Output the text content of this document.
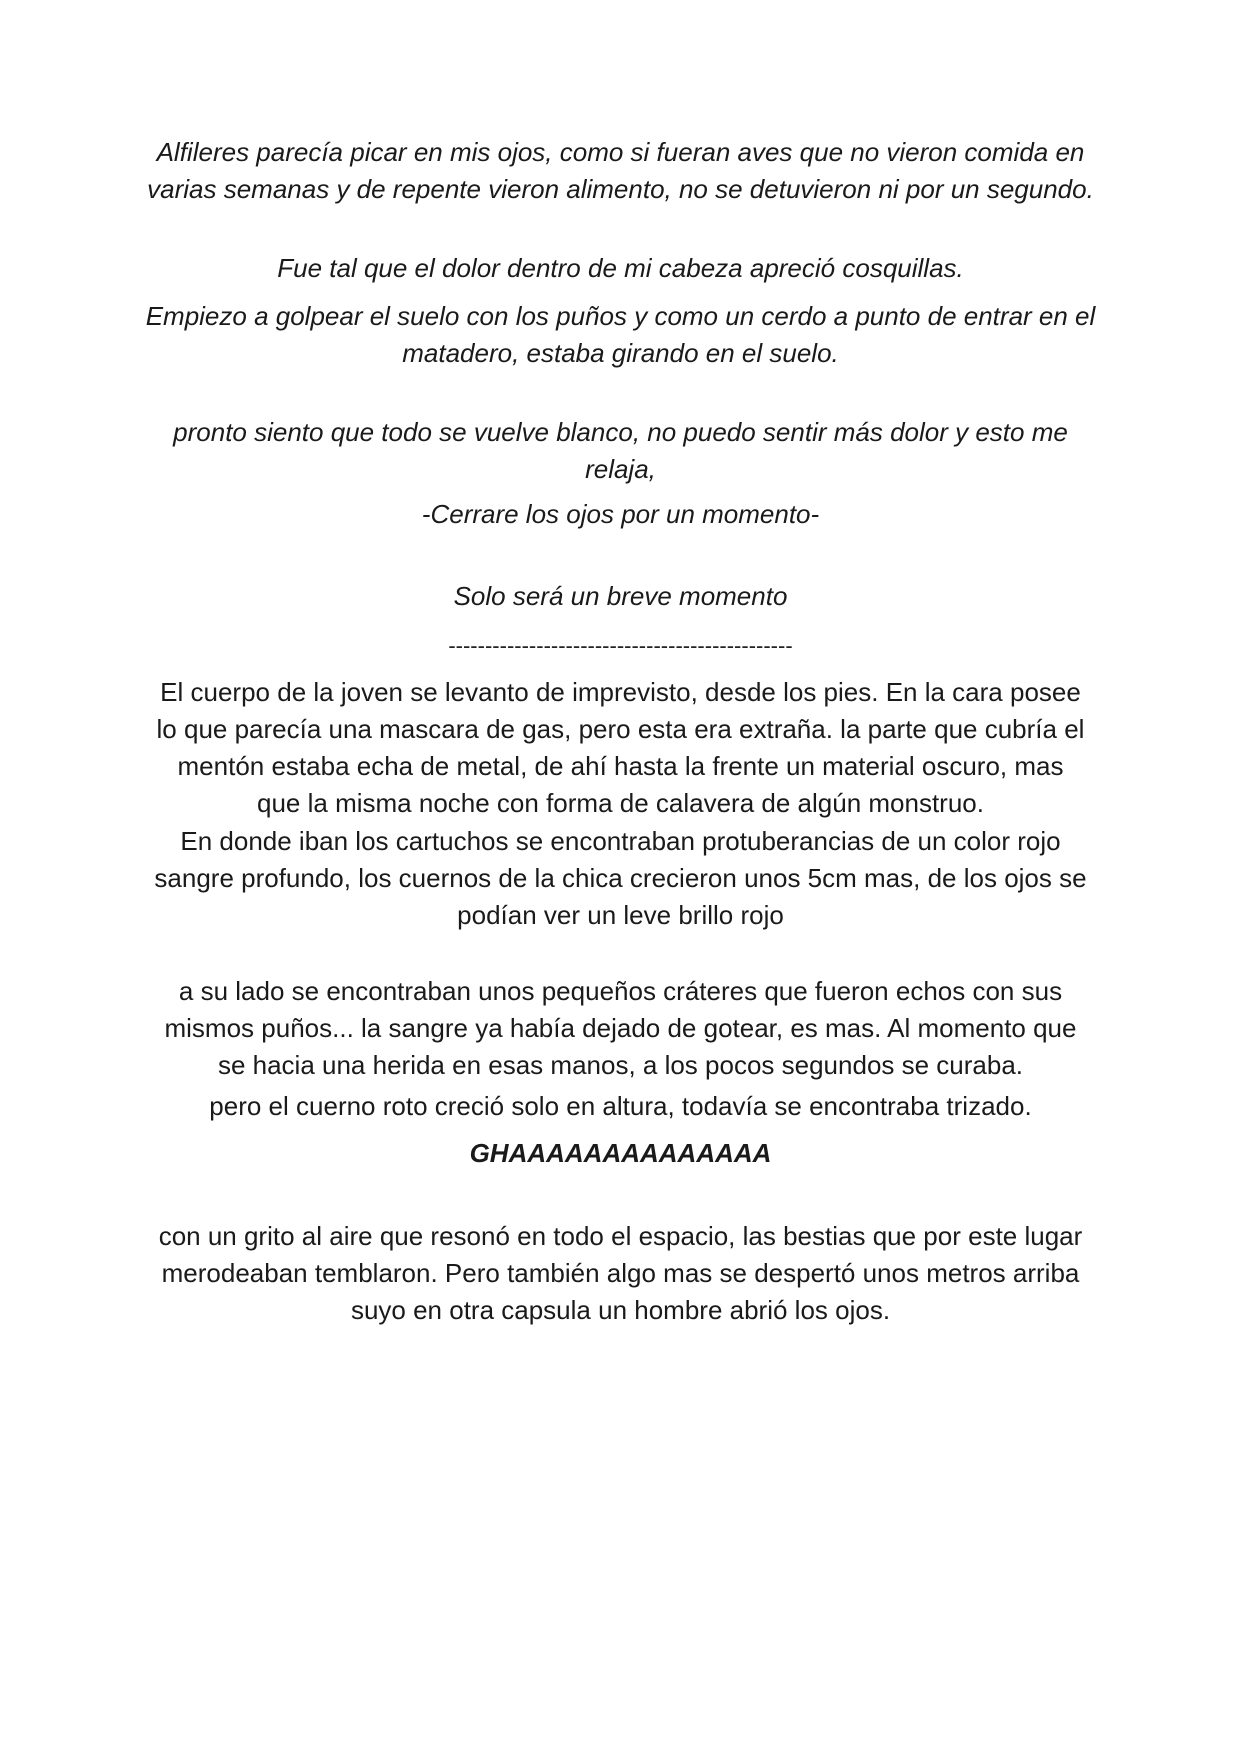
Alfileres parecía picar en mis ojos, como si fueran aves que no vieron comida en
varias semanas y de repente vieron alimento, no se detuvieron ni por un segundo.

Fue tal que el dolor dentro de mi cabeza apreció cosquillas.

Empiezo a golpear el suelo con los puños y como un cerdo a punto de entrar en el
matadero, estaba girando en el suelo.

pronto siento que todo se vuelve blanco, no puedo sentir más dolor y esto me
relaja,

-Cerrare los ojos por un momento-

Solo será un breve momento

-----------------------------------------------

El cuerpo de la joven se levanto de imprevisto, desde los pies. En la cara posee
lo que parecía una mascara de gas, pero esta era extraña. la parte que cubría el
mentón estaba echa de metal, de ahí hasta la frente un material oscuro, mas
que la misma noche con forma de calavera de algún monstruo.

En donde iban los cartuchos se encontraban protuberancias de un color rojo
sangre profundo, los cuernos de la chica crecieron unos 5cm mas, de los ojos se
podían ver un leve brillo rojo

a su lado se encontraban unos pequeños cráteres que fueron echos con sus
mismos puños... la sangre ya había dejado de gotear, es mas. Al momento que
se hacia una herida en esas manos, a los pocos segundos se curaba.

pero el cuerno roto creció solo en altura, todavía se encontraba trizado.

GHAAAAAAAAAAAAAA

con un grito al aire que resonó en todo el espacio, las bestias que por este lugar
merodeaban temblaron. Pero también algo mas se despertó unos metros arriba
suyo en otra capsula un hombre abrió los ojos.
